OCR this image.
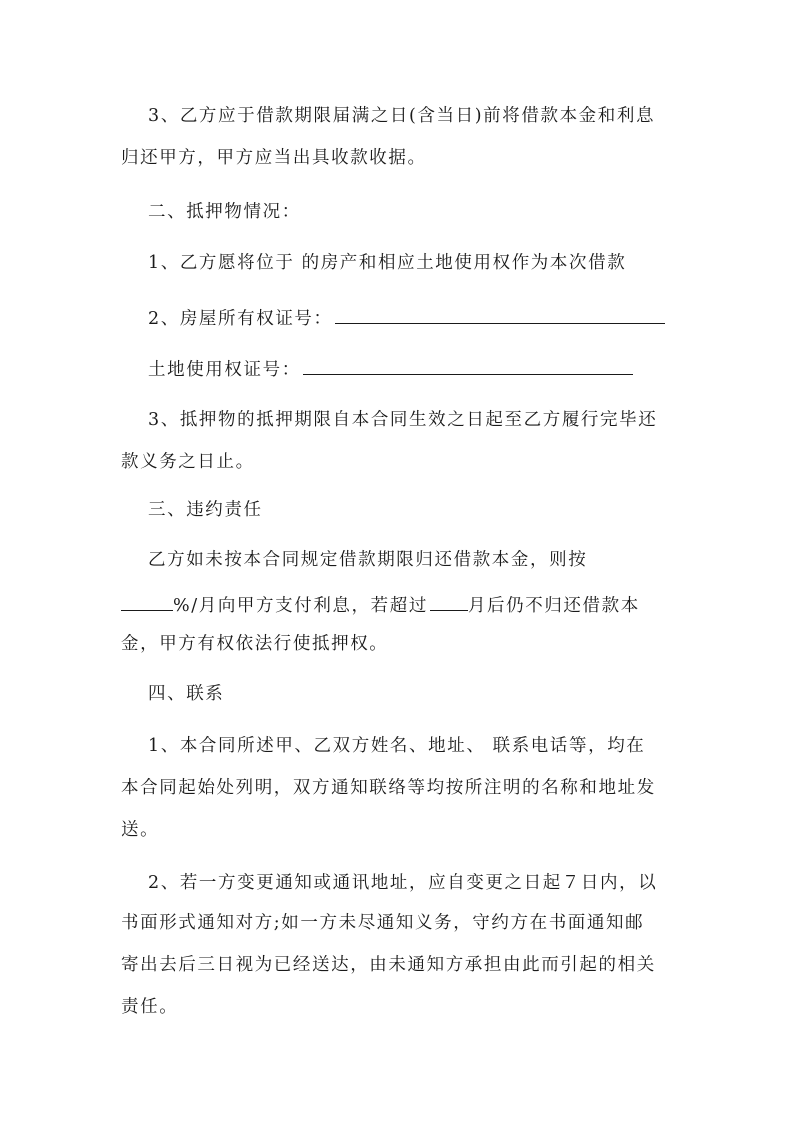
3、乙方应于借款期限届满之日(含当日)前将借款本金和利息
归还甲方，甲方应当出具收款收据。
二、抵押物情况：
1、乙方愿将位于 的房产和相应土地使用权作为本次借款
2、房屋所有权证号：
土地使用权证号：
3、抵押物的抵押期限自本合同生效之日起至乙方履行完毕还
款义务之日止。
三、违约责任
乙方如未按本合同规定借款期限归还借款本金，则按
%/月向甲方支付利息，若超过 月后仍不归还借款本
金，甲方有权依法行使抵押权。
四、联系
1、本合同所述甲、乙双方姓名、地址、 联系电话等，均在
本合同起始处列明，双方通知联络等均按所注明的名称和地址发
送。
2、若一方变更通知或通讯地址，应自变更之日起７日内，以
书面形式通知对方;如一方未尽通知义务，守约方在书面通知邮
寄出去后三日视为已经送达，由未通知方承担由此而引起的相关
责任。
